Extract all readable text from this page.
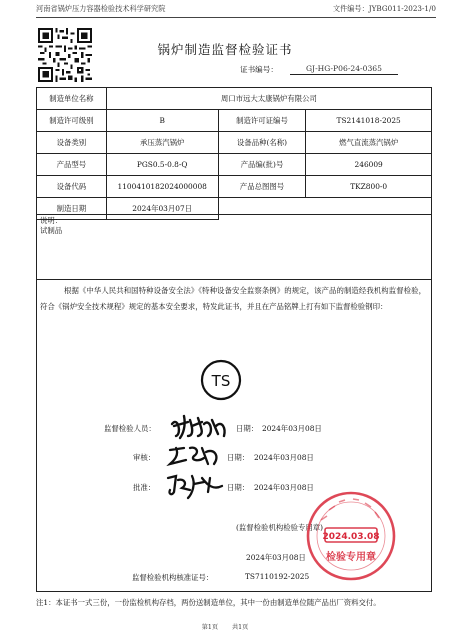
河南省锅炉压力容器检验技术科学研究院	文件编号：JYBG011-2023-1/0
锅炉制造监督检验证书
证书编号：	GJ-HG-P06-24-0365
制造单位名称	周口市远大太康锅炉有限公司		
制造许可级别	B	制造许可证编号	TS2141018-2025
设备类别	承压蒸汽锅炉	设备品种(名称)	燃气直流蒸汽锅炉
产品型号	PGS0.5-0.8-Q	产品编(批)号	246009
设备代码	1100410182024000008	产品总图图号	TKZ800-0
制造日期	2024年03月07日		
说明：
试制品
根据《中华人民共和国特种设备安全法》《特种设备安全监察条例》的规定，该产品的制造经我机构监督检验，符合《锅炉安全技术规程》规定的基本安全要求，特发此证书，并且在产品铭牌上打有如下监督检验钢印：
TS
监督检验人员：	日期： 2024年03月08日
审核：	日期： 2024年03月08日
批准：	日期： 2024年03月08日
(监督检验机构检验专用章)
2024年03月08日
监督检验机构核准证号：	TS7110192-2025
2024.03.08
检验专用章
注1：本证书一式三份，一份监检机构存档，两份送制造单位，其中一份由制造单位随产品出厂资料交付。
第1页 共1页
